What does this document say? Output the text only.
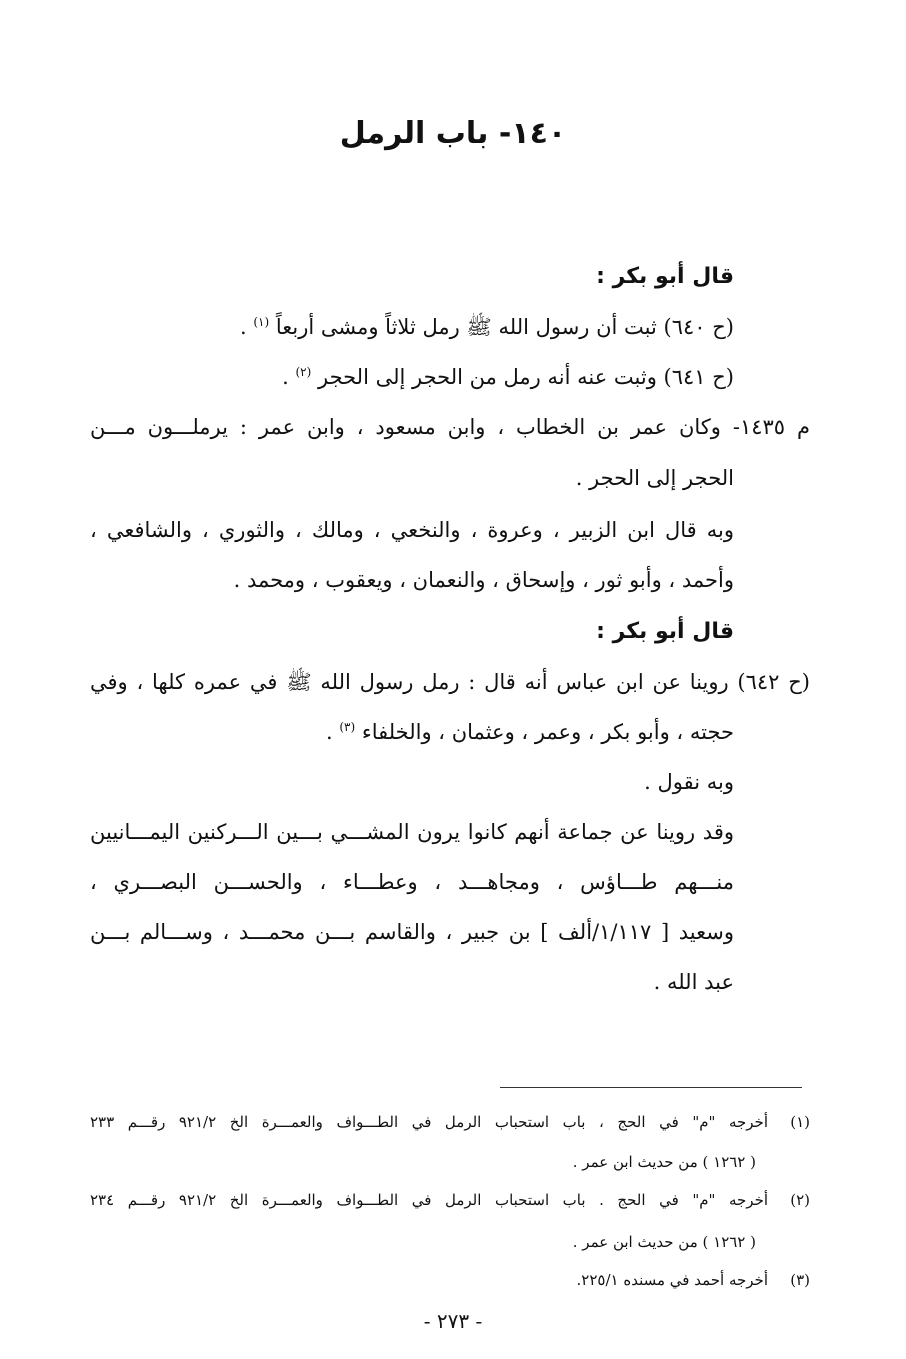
١٤٠- باب الرمل
قال أبو بكر :
(ح ٦٤٠) ثبت أن رسول الله ﷺ رمل ثلاثاً ومشى أربعاً $^{(١)}$ .
(ح ٦٤١) وثبت عنه أنه رمل من الحجر إلى الحجر $^{(٢)}$ .
م ١٤٣٥- وكان عمر بن الخطاب ، وابن مسعود ، وابن عمر : يرملـــون مـــن
الحجر إلى الحجر .
وبه قال ابن الزبير ، وعروة ، والنخعي ، ومالك ، والثوري ، والشافعي ،
وأحمد ، وأبو ثور ، وإسحاق ، والنعمان ، ويعقوب ، ومحمد .
قال أبو بكر :
(ح ٦٤٢) روينا عن ابن عباس أنه قال : رمل رسول الله ﷺ في عمره كلها ، وفي
حجته ، وأبو بكر ، وعمر ، وعثمان ، والخلفاء $^{(٣)}$ .
وبه نقول .
وقد روينا عن جماعة أنهم كانوا يرون المشـــي بـــين الـــركنين اليمـــانيين
منـــهم طـــاؤس ، ومجاهـــد ، وعطـــاء ، والحســـن البصـــري ،
وسعيد [ ١/١١٧/ألف ] بن جبير ، والقاسم بـــن محمـــد ، وســـالم بـــن
عبد الله .
(١)
أخرجه "م" في الحج ، باب استحباب الرمل في الطـــواف والعمـــرة الخ ٩٢١/٢ رقـــم ٢٣٣
( ١٢٦٢ ) من حديث ابن عمر .
(٢)
أخرجه "م" في الحج . باب استحباب الرمل في الطـــواف والعمـــرة الخ ٩٢١/٢ رقـــم ٢٣٤
( ١٢٦٢ ) من حديث ابن عمر .
(٣)
أخرجه أحمد في مسنده ٢٢٥/١.
- ٢٧٣ -
